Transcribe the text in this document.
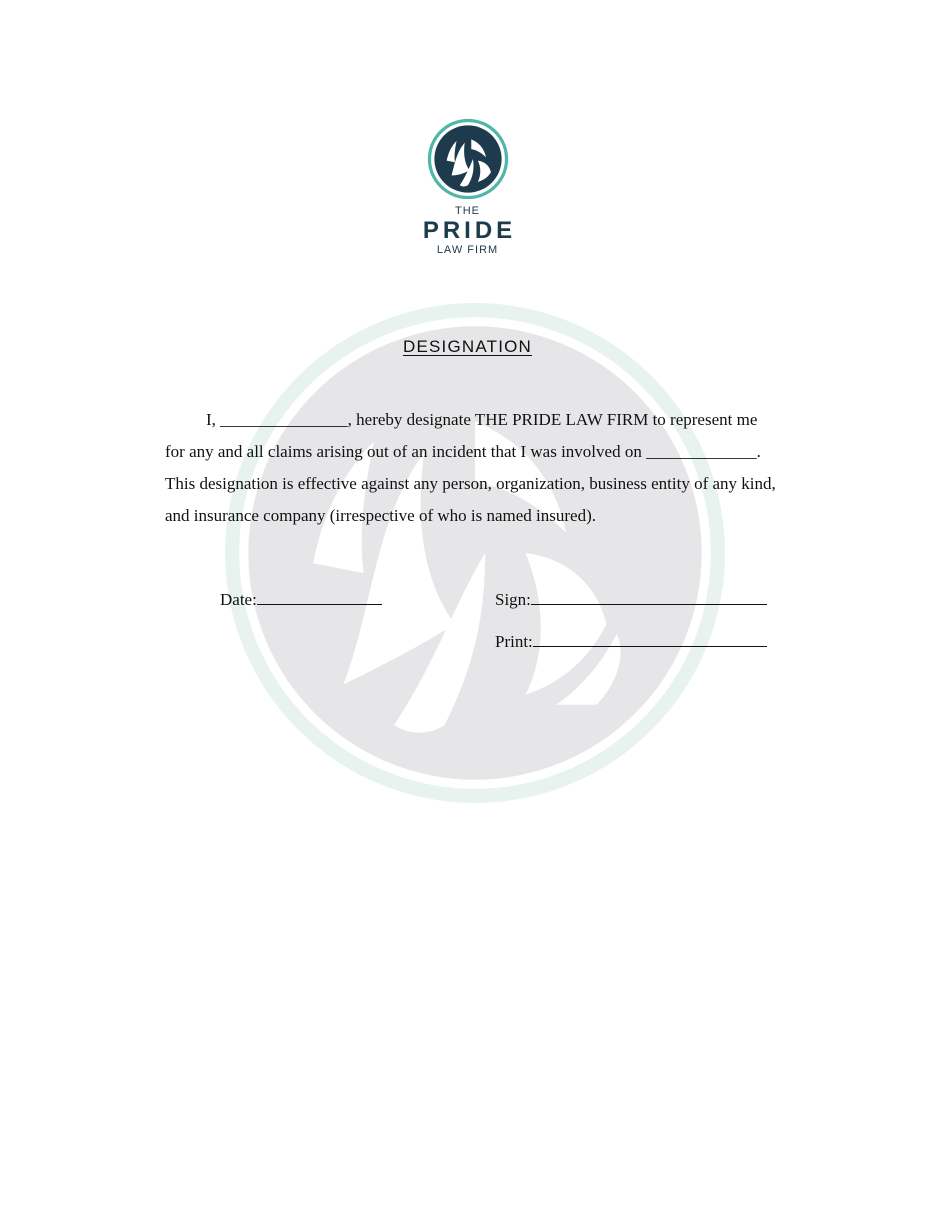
THE
PRIDE
LAW FIRM
DESIGNATION
I, _______________, hereby designate THE PRIDE LAW FIRM to represent me
for any and all claims arising out of an incident that I was involved on _____________.
This designation is effective against any person, organization, business entity of any kind,
and insurance company (irrespective of who is named insured).
Date:	Sign:
Print:
